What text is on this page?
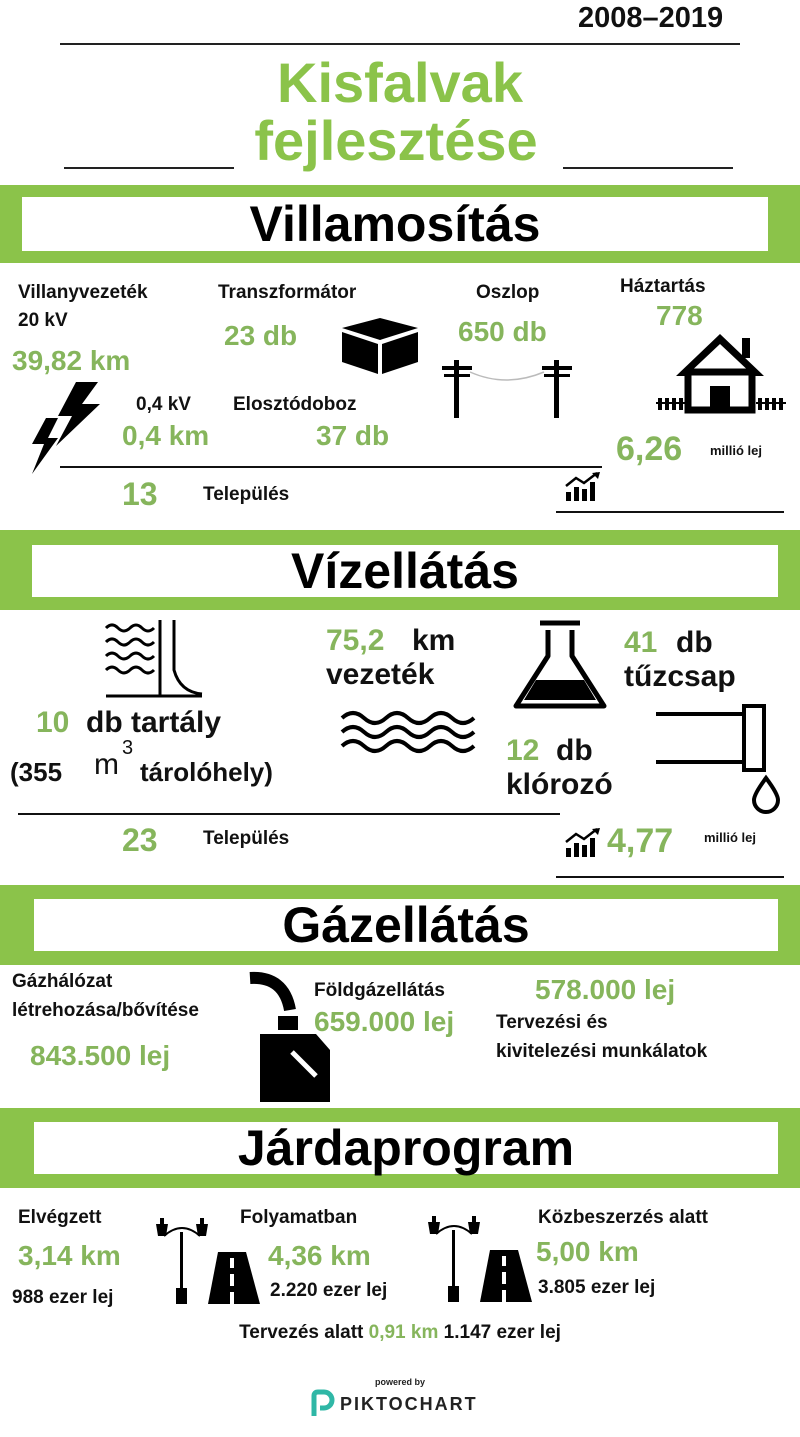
2008–2019
Kisfalvak
fejlesztése
Villamosítás
Villanyvezeték
20 kV
39,82 km
0,4 kV
0,4 km
Transzformátor
23 db
Elosztódoboz
37 db
Oszlop
650 db
Háztartás
778
6,26 millió lej
13 Település
Vízellátás
10 db tartály
(355 m 3
tárolóhely)
75,2 km
vezeték
41 db
tűzcsap
12 db
klórozó
23 Település	4,77 millió lej
Gázellátás
Gázhálózat
létrehozása/bővítése
843.500 lej
Földgázellátás
659.000 lej
578.000 lej
Tervezési és
kivitelezési munkálatok
Járdaprogram
Elvégzett
3,14 km
988 ezer lej
Folyamatban
4,36 km
2.220 ezer lej
Közbeszerzés alatt
5,00 km
3.805 ezer lej
Tervezés alatt 0,91 km 1.147 ezer lej
powered by
PIKTOCHART
